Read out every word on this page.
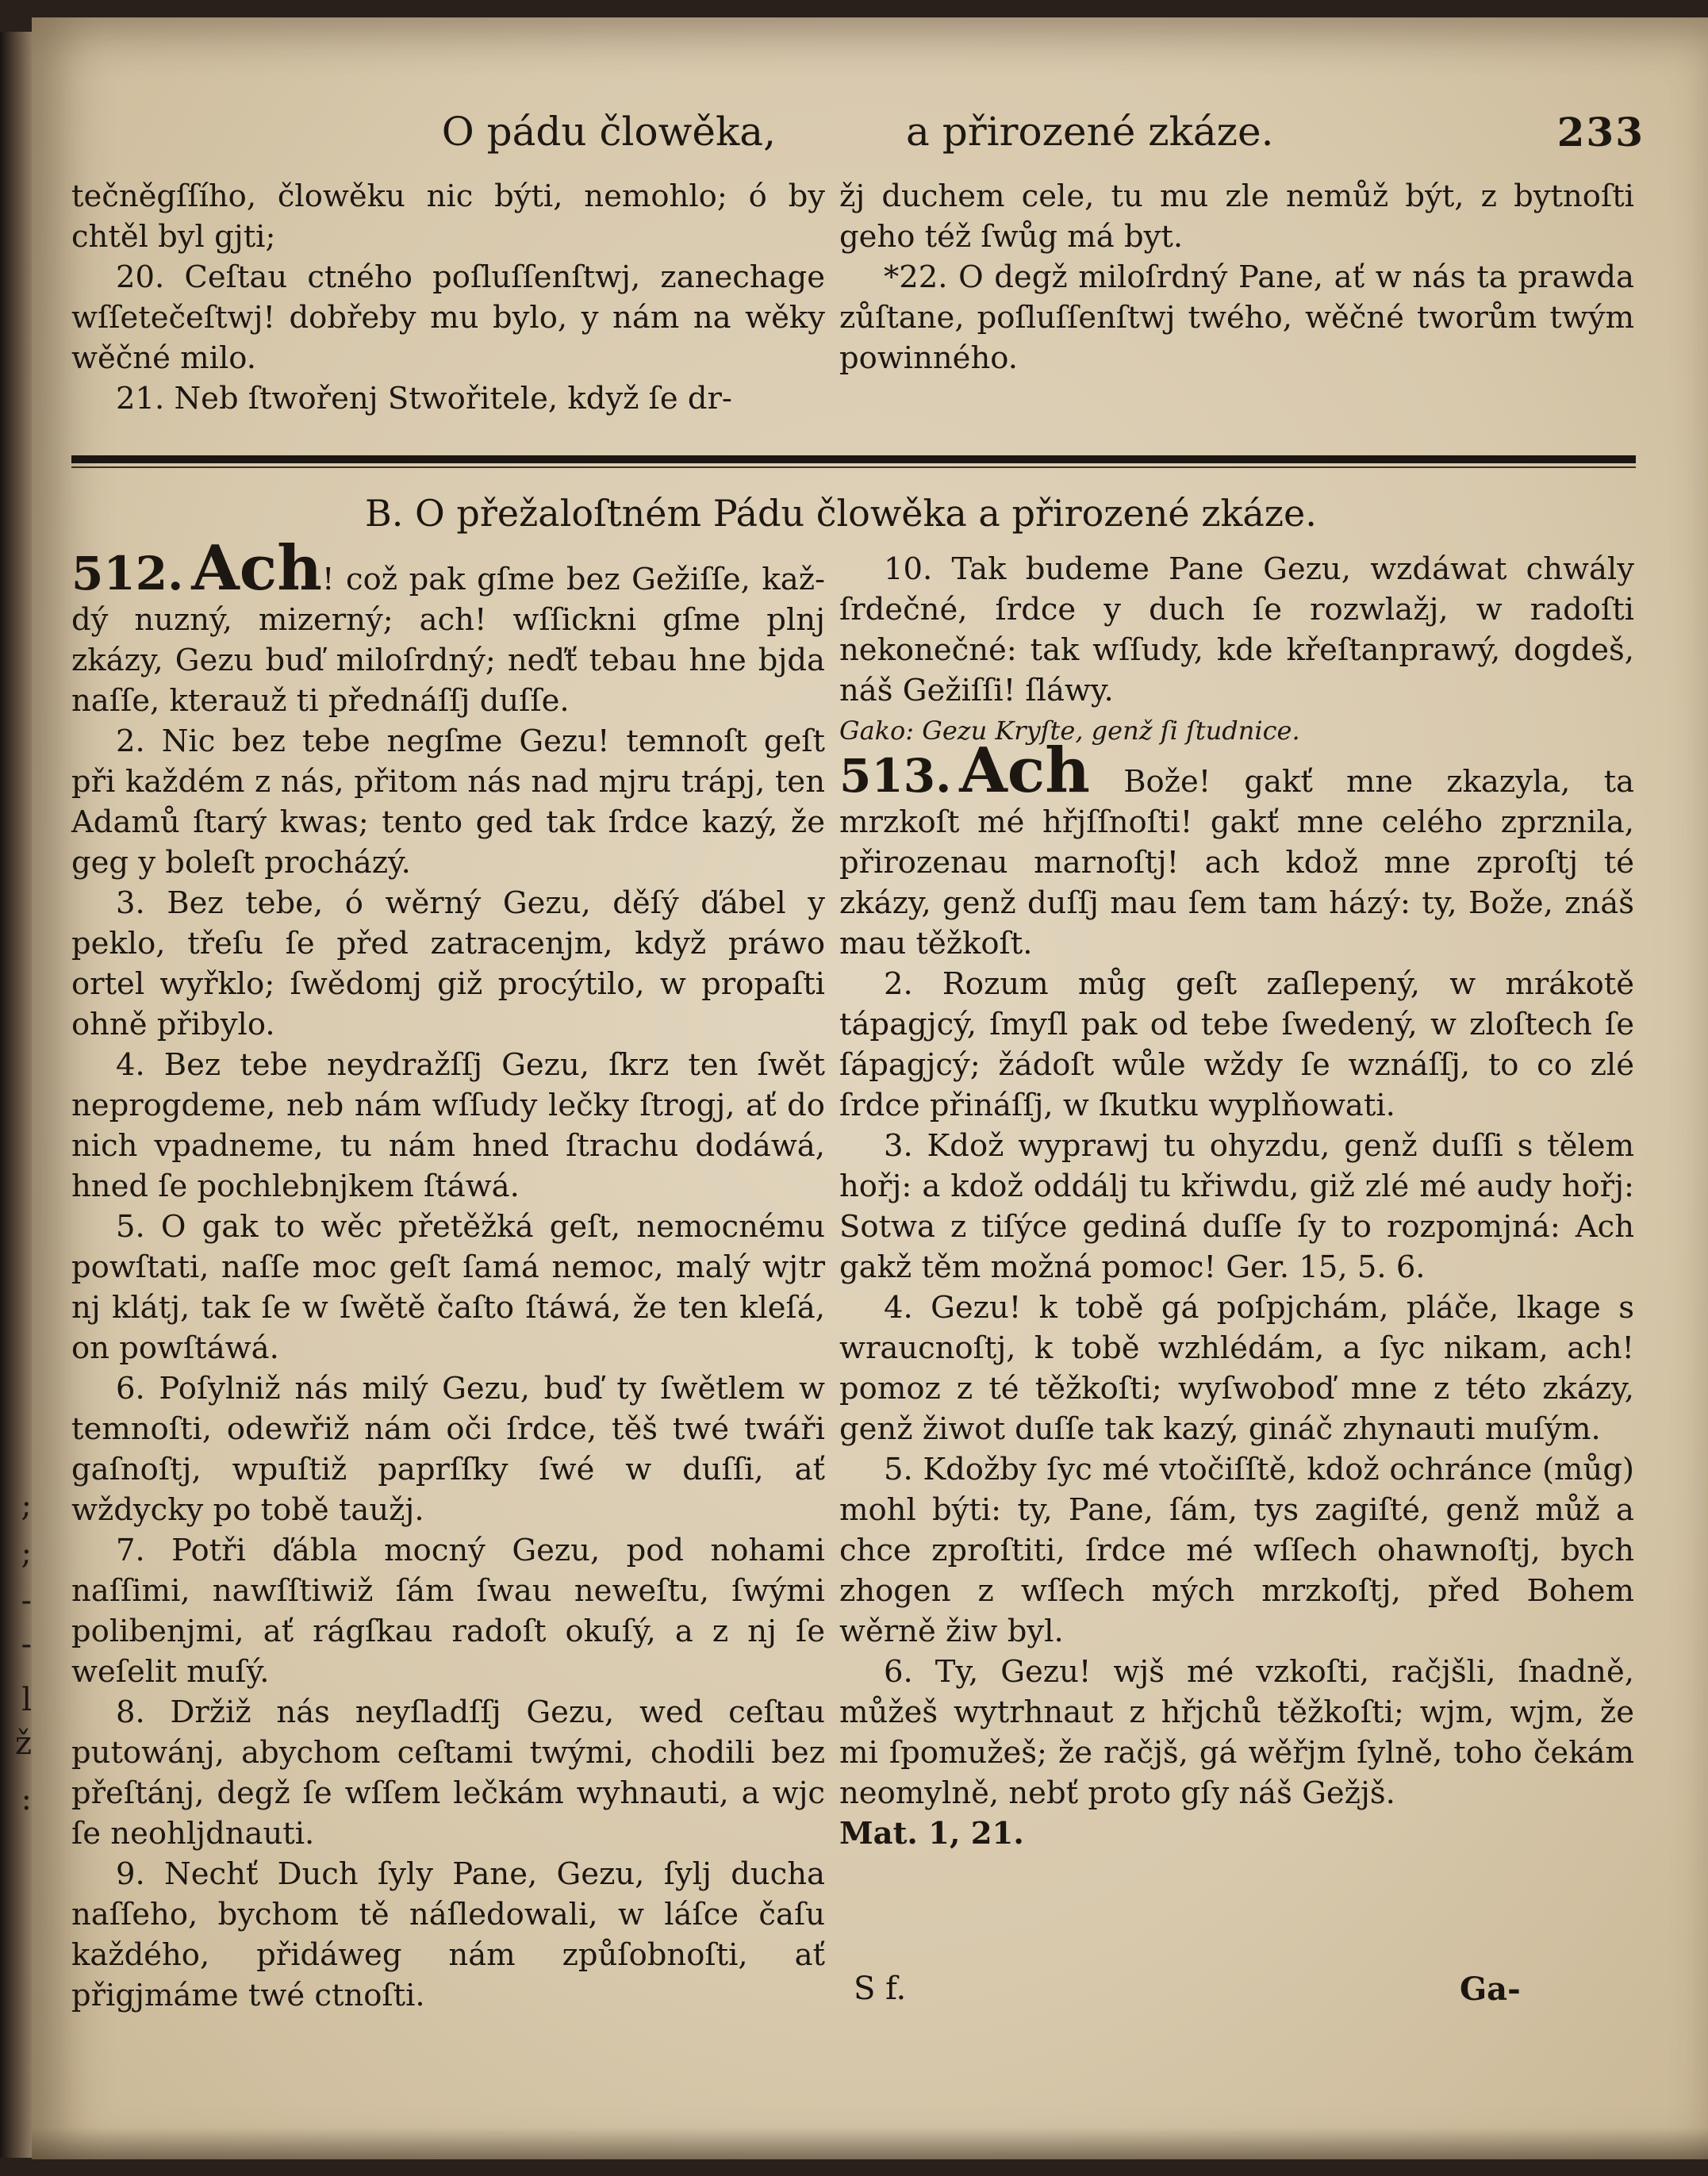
;
;
-
-
l
ž
:
O pádu člowěka,	a přirozené zkáze.	233

tečněgſſího, člowěku nic býti, nemohlo; ó by chtěl byl gjti;

20. Ceſtau ctného poſluſſenſtwj, zanechage wſſetečeſtwj! dobřeby mu bylo, y nám na wěky wěčné milo.

21. Neb ſtwořenj Stwořitele, když ſe dr-

žj duchem cele, tu mu zle nemůž být, z bytnoſti geho též ſwůg má byt.

*22. O degž miloſrdný Pane, ať w nás ta prawda zůſtane, poſluſſenſtwj twého, wěčné tworům twým powinného.

B. O přežaloſtném Pádu člowěka a přirozené zkáze.

512. Ach! což pak gſme bez Gežiſſe, každý nuzný, mizerný; ach! wſſickni gſme plnj zkázy, Gezu buď miloſrdný; neďť tebau hne bjda naſſe, kterauž ti přednáſſj duſſe.

2. Nic bez tebe negſme Gezu! temnoſt geſt při každém z nás, přitom nás nad mjru trápj, ten Adamů ſtarý kwas; tento ged tak ſrdce kazý, že geg y boleſt procházý.

3. Bez tebe, ó wěrný Gezu, děſý ďábel y peklo, třeſu ſe před zatracenjm, když práwo ortel wyřklo; ſwědomj giž procýtilo, w propaſti ohně přibylo.

4. Bez tebe neydražſſj Gezu, ſkrz ten ſwět neprogdeme, neb nám wſſudy lečky ſtrogj, ať do nich vpadneme, tu nám hned ſtrachu dodáwá, hned ſe pochlebnjkem ſtáwá.

5. O gak to wěc přetěžká geſt, nemocnému powſtati, naſſe moc geſt ſamá nemoc, malý wjtr nj klátj, tak ſe w ſwětě čaſto ſtáwá, že ten kleſá, on powſtáwá.

6. Poſylniž nás milý Gezu, buď ty ſwětlem w temnoſti, odewřiž nám oči ſrdce, těš twé twáři gaſnoſtj, wpuſtiž paprſſky ſwé w duſſi, ať wždycky po tobě taužj.

7. Potři ďábla mocný Gezu, pod nohami naſſimi, nawſſtiwiž ſám ſwau neweſtu, ſwými polibenjmi, ať rágſkau radoſt okuſý, a z nj ſe weſelit muſý.

8. Držiž nás neyſladſſj Gezu, wed ceſtau putowánj, abychom ceſtami twými, chodili bez přeſtánj, degž ſe wſſem lečkám wyhnauti, a wjc ſe neohljdnauti.

9. Nechť Duch ſyly Pane, Gezu, ſylj ducha naſſeho, bychom tě náſledowali, w láſce čaſu každého, přidáweg nám způſobnoſti, ať přigjmáme twé ctnoſti.

10. Tak budeme Pane Gezu, wzdáwat chwály ſrdečné, ſrdce y duch ſe rozwlažj, w radoſti nekonečné: tak wſſudy, kde křeſtanprawý, dogdeš, náš Gežiſſi! ſláwy.

Gako: Gezu Kryſte, genž ſi ſtudnice.

513. Ach Bože! gakť mne zkazyla, ta mrzkoſt mé hřjſſnoſti! gakť mne celého zprznila, přirozenau marnoſtj! ach kdož mne zproſtj té zkázy, genž duſſj mau ſem tam házý: ty, Bože, znáš mau těžkoſt.

2. Rozum můg geſt zaſlepený, w mrákotě tápagjcý, ſmyſl pak od tebe ſwedený, w zloſtech ſe ſápagjcý; žádoſt wůle wždy ſe wznáſſj, to co zlé ſrdce přináſſj, w ſkutku wyplňowati.

3. Kdož wyprawj tu ohyzdu, genž duſſi s tělem hořj: a kdož oddálj tu křiwdu, giž zlé mé audy hořj: Sotwa z tiſýce gediná duſſe ſy to rozpomjná: Ach gakž těm možná pomoc! Ger. 15, 5. 6.

4. Gezu! k tobě gá poſpjchám, pláče, lkage s wraucnoſtj, k tobě wzhlédám, a ſyc nikam, ach! pomoz z té těžkoſti; wyſwoboď mne z této zkázy, genž žiwot duſſe tak kazý, gináč zhynauti muſým.

5. Kdožby ſyc mé vtočiſſtě, kdož ochránce (můg) mohl býti: ty, Pane, ſám, tys zagiſté, genž můž a chce zproſtiti, ſrdce mé wſſech ohawnoſtj, bych zhogen z wſſech mých mrzkoſtj, před Bohem wěrně žiw byl.

6. Ty, Gezu! wjš mé vzkoſti, račjšli, ſnadně, můžeš wytrhnaut z hřjchů těžkoſti; wjm, wjm, že mi ſpomužeš; že račjš, gá wěřjm ſylně, toho čekám neomylně, nebť proto gſy náš Gežjš.

Mat. 1, 21.

S f.	Ga-
